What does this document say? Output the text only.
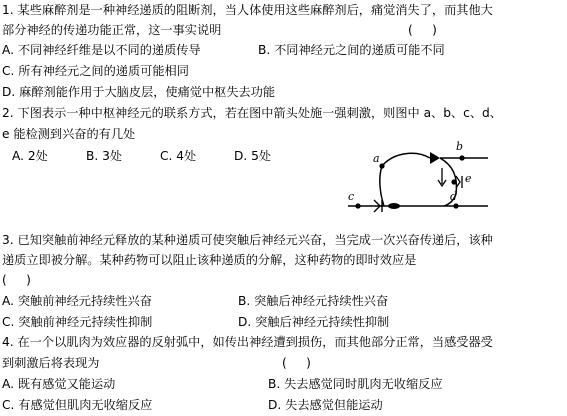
1. 某些麻醉剂是一种神经递质的阻断剂，当人体使用这些麻醉剂后，痛觉消失了，而其他大
部分神经的传递功能正常，这一事实说明	(     )
A. 不同神经纤维是以不同的递质传导	B. 不同神经元之间的递质可能不同
C. 所有神经元之间的递质可能相同
D. 麻醉剂能作用于大脑皮层，使痛觉中枢失去功能
2. 下图表示一种中枢神经元的联系方式，若在图中箭头处施一强刺激，则图中 a、b、c、d、
e 能检测到兴奋的有几处
A. 2处	B. 3处	C. 4处	D. 5处	a
b
c	d
e
3. 已知突触前神经元释放的某种递质可使突触后神经元兴奋，当完成一次兴奋传递后，该种
递质立即被分解。某种药物可以阻止该种递质的分解，这种药物的即时效应是
(     )
A. 突触前神经元持续性兴奋	B. 突触后神经元持续性兴奋
C. 突触前神经元持续性抑制	D. 突触后神经元持续性抑制
4. 在一个以肌肉为效应器的反射弧中，如传出神经遭到损伤，而其他部分正常，当感受器受
到刺激后将表现为	(     )
A. 既有感觉又能运动	B. 失去感觉同时肌肉无收缩反应
C. 有感觉但肌肉无收缩反应	D. 失去感觉但能运动
